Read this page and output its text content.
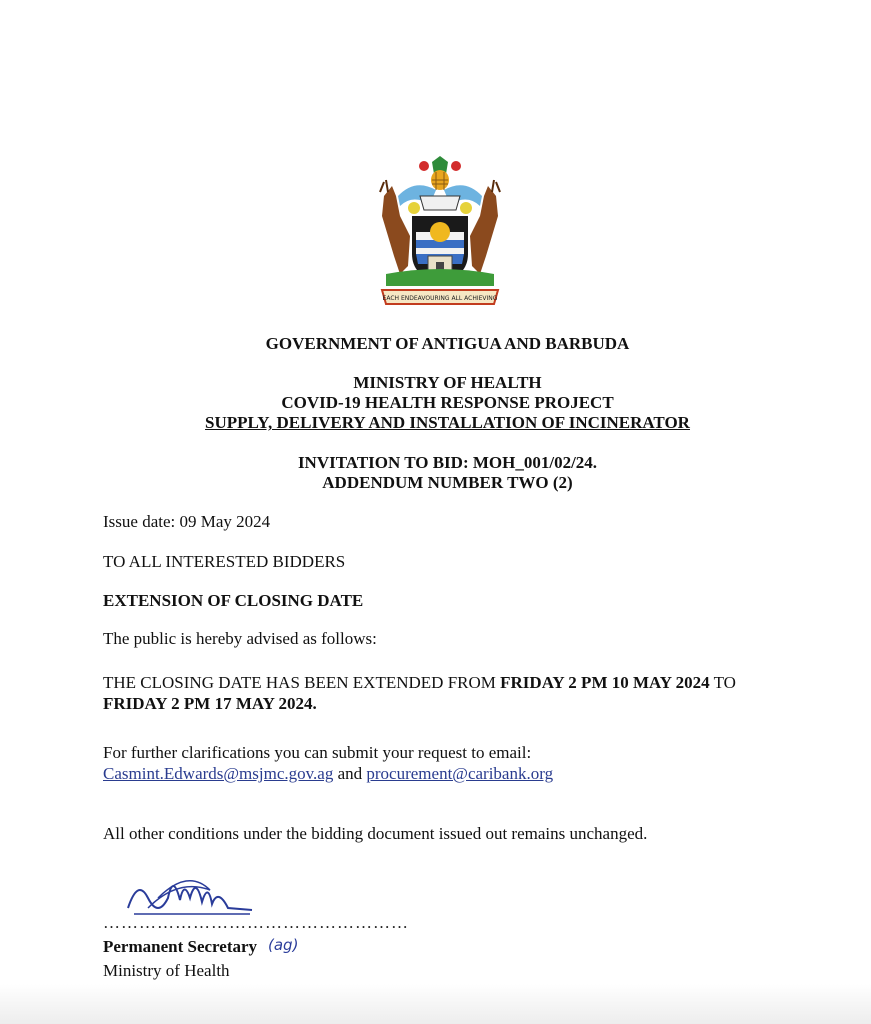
EACH ENDEAVOURING ALL ACHIEVING
GOVERNMENT OF ANTIGUA AND BARBUDA
MINISTRY OF HEALTH
COVID-19 HEALTH RESPONSE PROJECT
SUPPLY, DELIVERY AND INSTALLATION OF INCINERATOR
INVITATION TO BID: MOH_001/02/24.
ADDENDUM NUMBER TWO (2)
Issue date: 09 May 2024
TO ALL INTERESTED BIDDERS
EXTENSION OF CLOSING DATE
The public is hereby advised as follows:
THE CLOSING DATE HAS BEEN EXTENDED FROM FRIDAY 2 PM 10 MAY 2024 TO
FRIDAY 2 PM 17 MAY 2024.
For further clarifications you can submit your request to email:
Casmint.Edwards@msjmc.gov.ag and procurement@caribank.org
All other conditions under the bidding document issued out remains unchanged.
……………………………………………
Permanent Secretary (ag)
Ministry of Health
